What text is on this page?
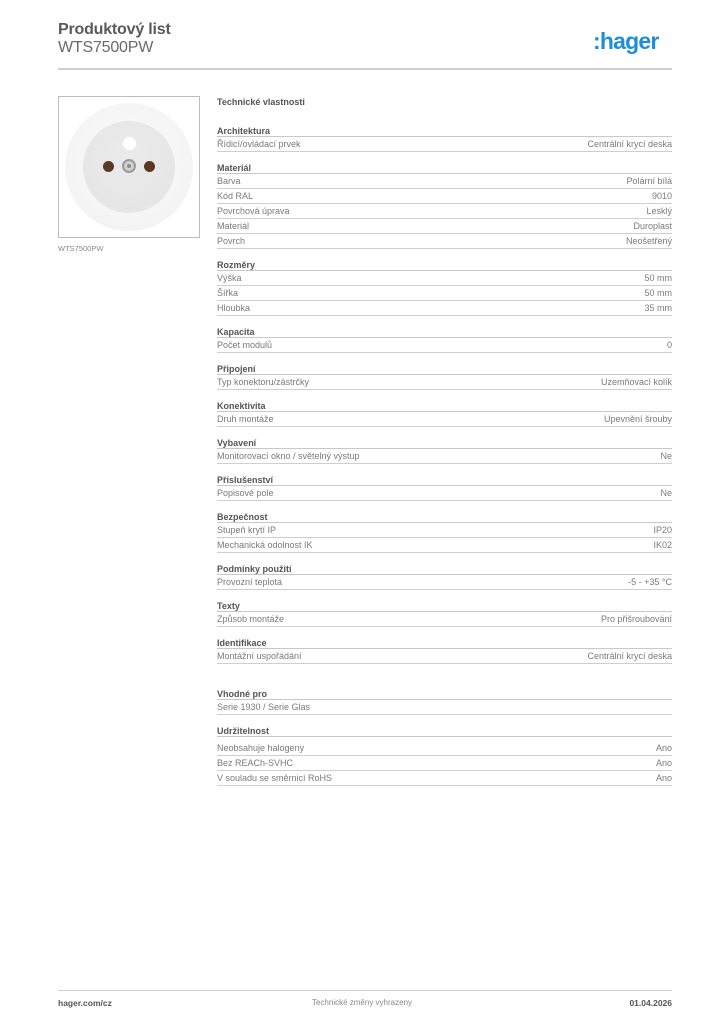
Produktový list
WTS7500PW	:hager
WTS7500PW
Technické vlastnosti
Architektura
Řídicí/ovládací prvek	Centrální krycí deska
Materiál
Barva	Polární bílá
Kód RAL	9010
Povrchová úprava	Lesklý
Materiál	Duroplast
Povrch	Neošetřený
Rozměry
Výška	50 mm
Šířka	50 mm
Hloubka	35 mm
Kapacita
Počet modulů	0
Připojení
Typ konektoru/zástrčky	Uzemňovací kolík
Konektivita
Druh montáže	Upevnění šrouby
Vybavení
Monitorovací okno / světelný výstup	Ne
Příslušenství
Popisové pole	Ne
Bezpečnost
Stupeň krytí IP	IP20
Mechanická odolnost IK	IK02
Podmínky použití
Provozní teplota	-5 - +35 °C
Texty
Způsob montáže	Pro přišroubování
Identifikace
Montážní uspořádání	Centrální krycí deska
Vhodné pro
Serie 1930 / Serie Glas
Udržitelnost
Neobsahuje halogeny	Ano
Bez REACh-SVHC	Ano
V souladu se směrnicí RoHS	Ano
hager.com/cz	Technické změny vyhrazeny	01.04.2026
